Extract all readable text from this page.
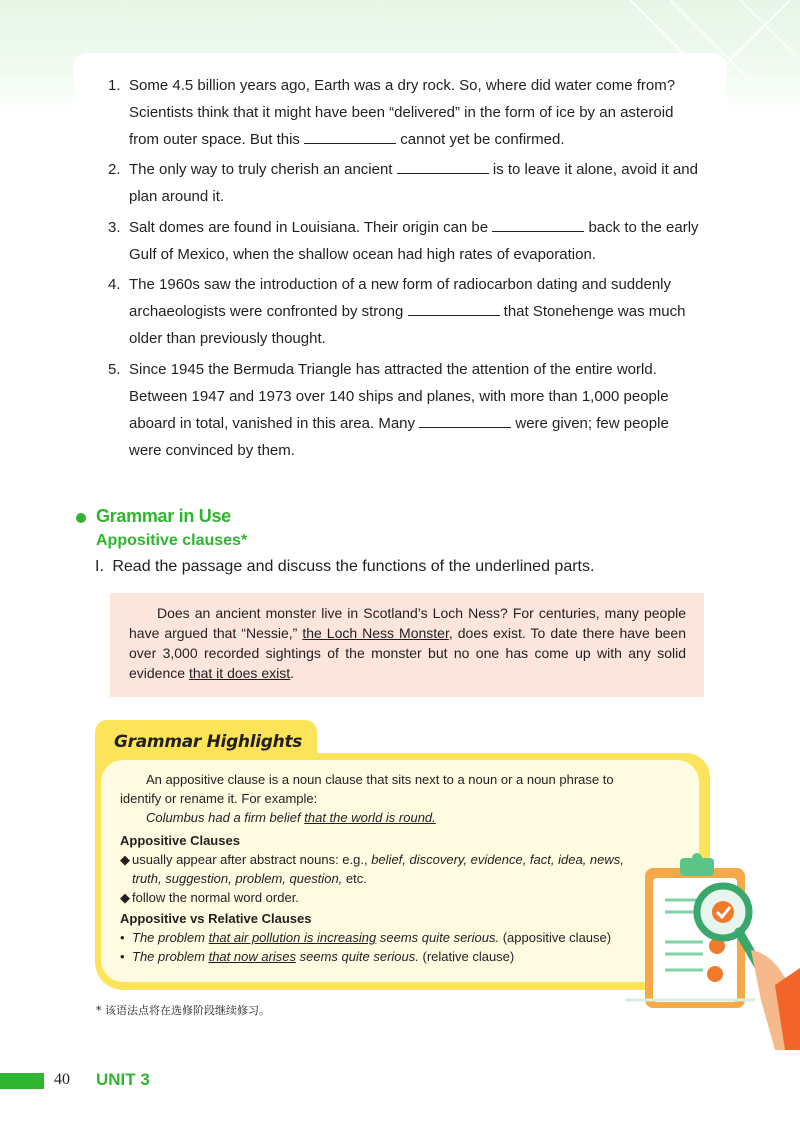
1. Some 4.5 billion years ago, Earth was a dry rock. So, where did water come from?
Scientists think that it might have been “delivered” in the form of ice by an asteroid
from outer space. But this	cannot yet be confirmed.
2. The only way to truly cherish an ancient	is to leave it alone, avoid it and
plan around it.
3. Salt domes are found in Louisiana. Their origin can be	back to the early
Gulf of Mexico, when the shallow ocean had high rates of evaporation.
4. The 1960s saw the introduction of a new form of radiocarbon dating and suddenly
archaeologists were confronted by strong	that Stonehenge was much
older than previously thought.
5. Since 1945 the Bermuda Triangle has attracted the attention of the entire world.
Between 1947 and 1973 over 140 ships and planes, with more than 1,000 people
aboard in total, vanished in this area. Many	were given; few people
were convinced by them.
Grammar in Use
Appositive clauses*
I. Read the passage and discuss the functions of the underlined parts.
Does an ancient monster live in Scotland’s Loch Ness? For centuries, many people have argued that “Nessie,” the Loch Ness Monster, does exist. To date there have been over 3,000 recorded sightings of the monster but no one has come up with any solid evidence that it does exist.
Grammar Highlights
An appositive clause is a noun clause that sits next to a noun or a noun phrase to
identify or rename it. For example:
Columbus had a firm belief that the world is round.
Appositive Clauses
◆ usually appear after abstract nouns: e.g., belief, discovery, evidence, fact, idea, news,
truth, suggestion, problem, question, etc.
◆ follow the normal word order.
Appositive vs Relative Clauses
• The problem that air pollution is increasing seems quite serious. (appositive clause)
• The problem that now arises seems quite serious. (relative clause)
* 该语法点将在选修阶段继续修习。
40 UNIT 3
